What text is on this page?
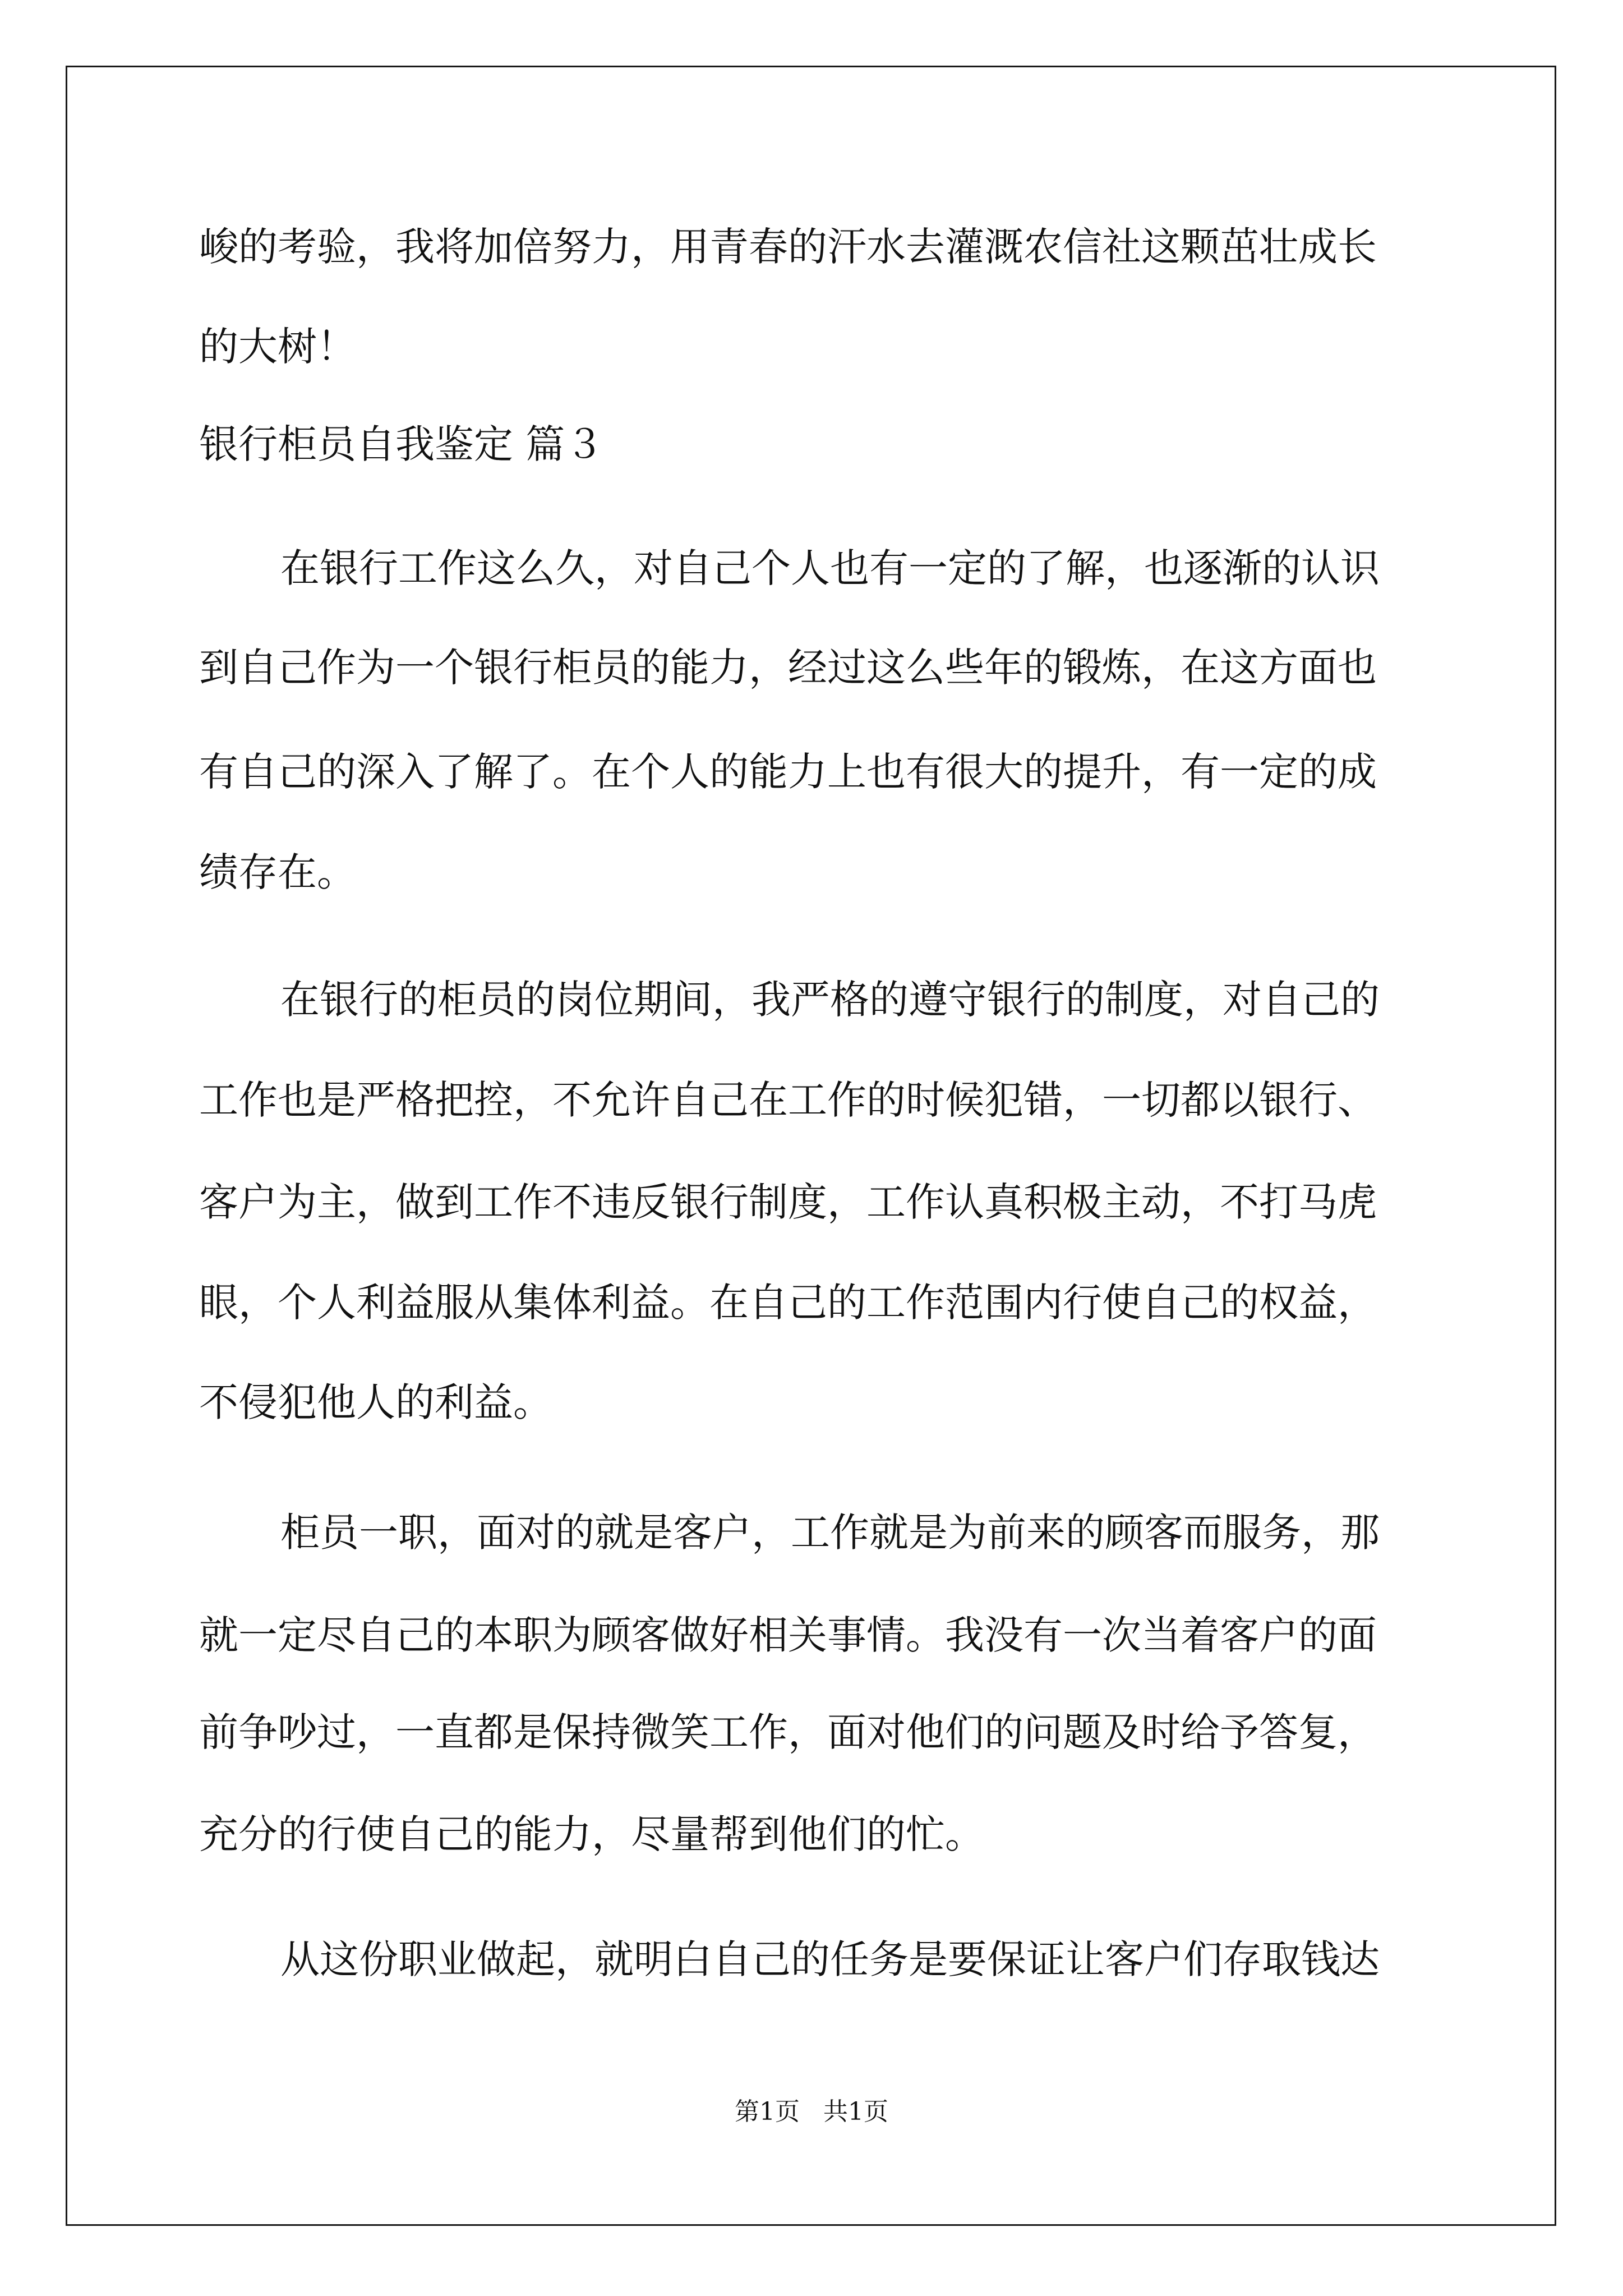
峻的考验，我将加倍努力，用青春的汗水去灌溉农信社这颗茁壮成长
的大树！
银行柜员自我鉴定 篇３
在银行工作这么久，对自己个人也有一定的了解，也逐渐的认识
到自己作为一个银行柜员的能力，经过这么些年的锻炼，在这方面也
有自己的深入了解了。在个人的能力上也有很大的提升，有一定的成
绩存在。
在银行的柜员的岗位期间，我严格的遵守银行的制度，对自己的
工作也是严格把控，不允许自己在工作的时候犯错，一切都以银行、
客户为主，做到工作不违反银行制度，工作认真积极主动，不打马虎
眼，个人利益服从集体利益。在自己的工作范围内行使自己的权益，
不侵犯他人的利益。
柜员一职，面对的就是客户，工作就是为前来的顾客而服务，那
就一定尽自己的本职为顾客做好相关事情。我没有一次当着客户的面
前争吵过，一直都是保持微笑工作，面对他们的问题及时给予答复，
充分的行使自己的能力，尽量帮到他们的忙。
从这份职业做起，就明白自己的任务是要保证让客户们存取钱达
第1页   共1页
